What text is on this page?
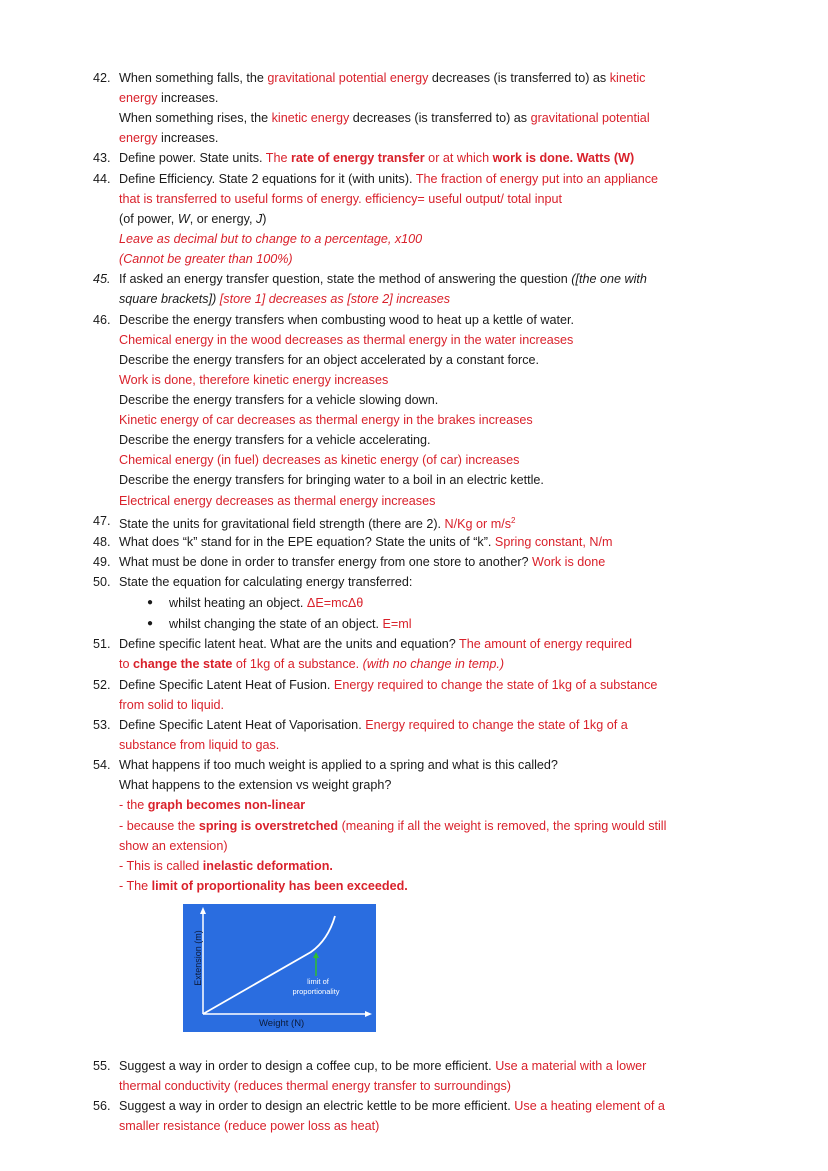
42. When something falls, the gravitational potential energy decreases (is transferred to) as kinetic
energy increases.
When something rises, the kinetic energy decreases (is transferred to) as gravitational potential
energy increases.
43. Define power. State units. The rate of energy transfer or at which work is done. Watts (W)
44. Define Efficiency. State 2 equations for it (with units). The fraction of energy put into an appliance
that is transferred to useful forms of energy. efficiency= useful output/ total input
(of power, W, or energy, J)
Leave as decimal but to change to a percentage, x100
(Cannot be greater than 100%)
45. If asked an energy transfer question, state the method of answering the question ([the one with
square brackets]) [store 1] decreases as [store 2] increases
46. Describe the energy transfers when combusting wood to heat up a kettle of water.
Chemical energy in the wood decreases as thermal energy in the water increases
Describe the energy transfers for an object accelerated by a constant force.
Work is done, therefore kinetic energy increases
Describe the energy transfers for a vehicle slowing down.
Kinetic energy of car decreases as thermal energy in the brakes increases
Describe the energy transfers for a vehicle accelerating.
Chemical energy (in fuel) decreases as kinetic energy (of car) increases
Describe the energy transfers for bringing water to a boil in an electric kettle.
Electrical energy decreases as thermal energy increases
47. State the units for gravitational field strength (there are 2). N/Kg or $m/s^2$
48. What does “k” stand for in the EPE equation? State the units of “k”. Spring constant, N/m
49. What must be done in order to transfer energy from one store to another? Work is done
50. State the equation for calculating energy transferred:
● whilst heating an object. ΔE=mcΔθ
● whilst changing the state of an object. E=ml
51. Define specific latent heat. What are the units and equation? The amount of energy required
to change the state of 1kg of a substance. (with no change in temp.)
52. Define Specific Latent Heat of Fusion. Energy required to change the state of 1kg of a substance
from solid to liquid.
53. Define Specific Latent Heat of Vaporisation. Energy required to change the state of 1kg of a
substance from liquid to gas.
54. What happens if too much weight is applied to a spring and what is this called?
What happens to the extension vs weight graph?
- the graph becomes non-linear
- because the spring is overstretched (meaning if all the weight is removed, the spring would still
show an extension)
- This is called inelastic deformation.
- The limit of proportionality has been exceeded.
Extension (m)
Weight (N)
limit of
proportionality
55. Suggest a way in order to design a coffee cup, to be more efficient. Use a material with a lower
thermal conductivity (reduces thermal energy transfer to surroundings)
56. Suggest a way in order to design an electric kettle to be more efficient. Use a heating element of a
smaller resistance (reduce power loss as heat)
